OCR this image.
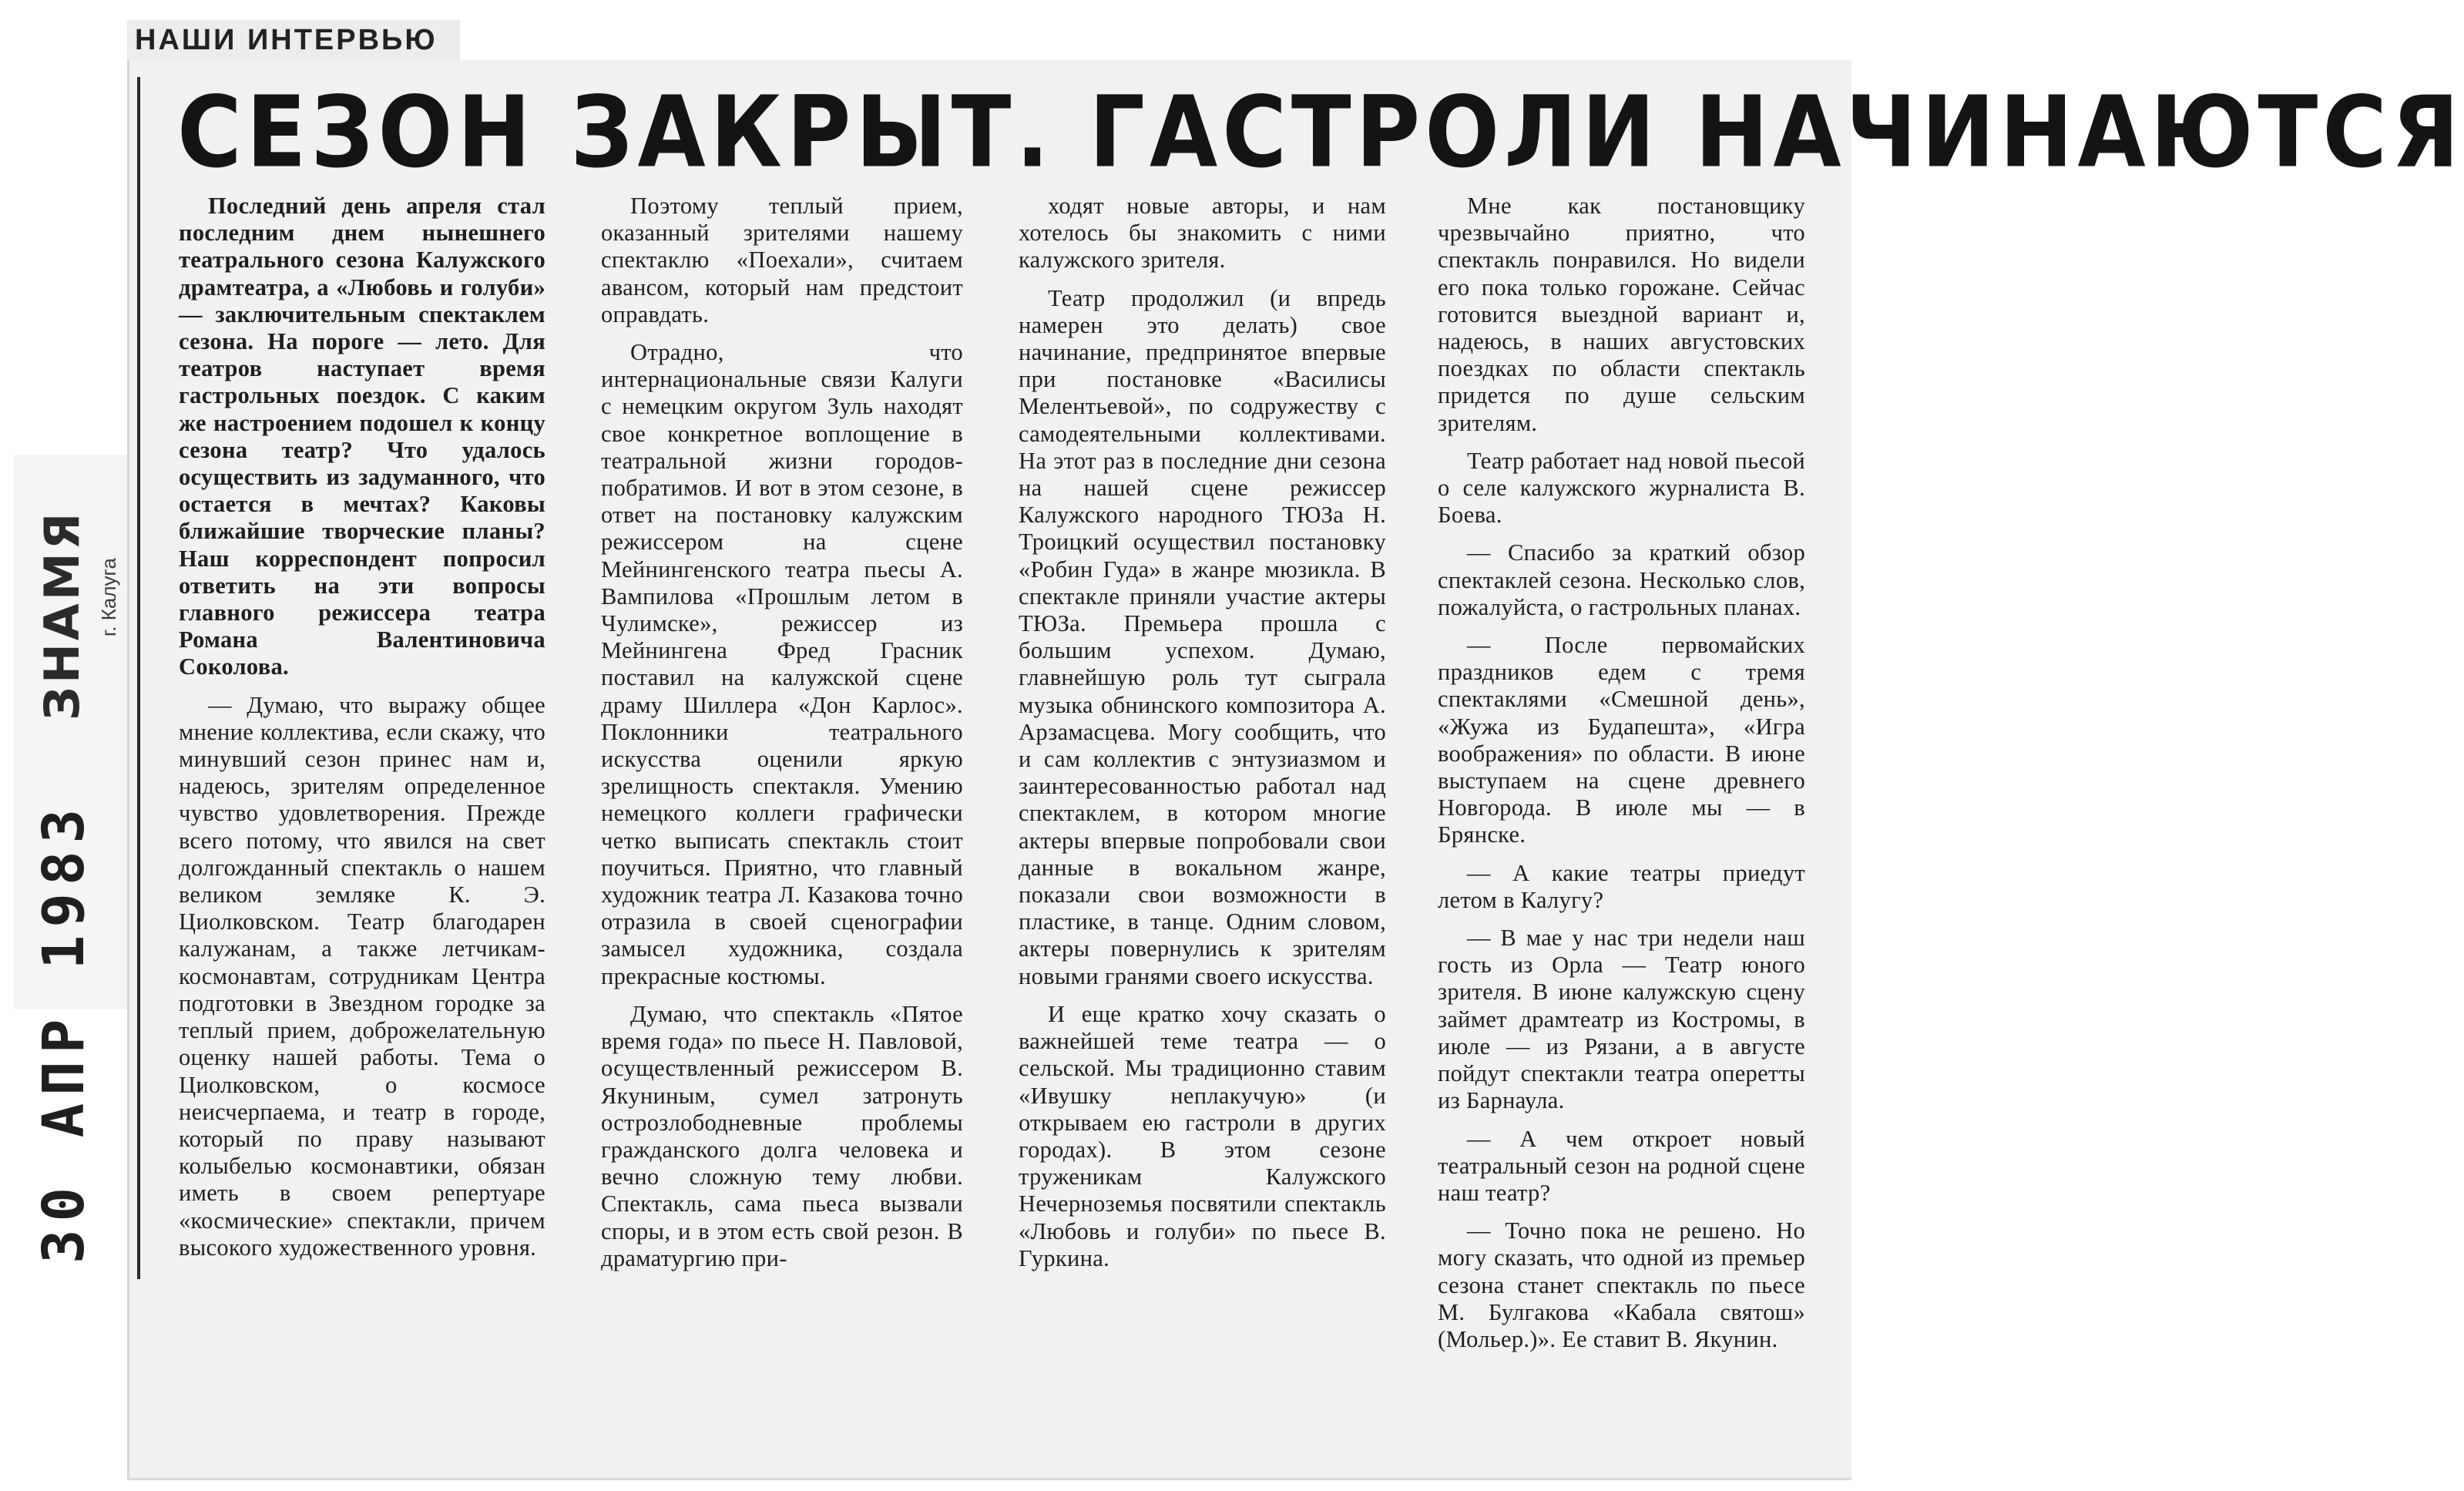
НАШИ ИНТЕРВЬЮ
СЕЗОН ЗАКРЫТ. ГАСТРОЛИ НАЧИНАЮТСЯ

Последний день апреля стал последним днем нынешнего театрального сезона Калужского драмтеатра, а «Любовь и голуби» — заключительным спектаклем сезона. На пороге — лето. Для театров наступает время гастрольных поездок. С каким же настроением подошел к концу сезона театр? Что удалось осуществить из задуманного, что остается в мечтах? Каковы ближайшие творческие планы? Наш корреспондент попросил ответить на эти вопросы главного режиссера театра Романа Валентиновича Соколова.

— Думаю, что выражу общее мнение коллектива, если скажу, что минувший сезон принес нам и, надеюсь, зрителям определенное чувство удовлетворения. Прежде всего потому, что явился на свет долгожданный спектакль о нашем великом земляке К. Э. Циолковском. Театр благодарен калужанам, а также летчикам-космонавтам, сотрудникам Центра подготовки в Звездном городке за теплый прием, доброжелательную оценку нашей работы. Тема о Циолковском, о космосе неисчерпаема, и театр в городе, который по праву называют колыбелью космонавтики, обязан иметь в своем репертуаре «космические» спектакли, причем высокого художественного уровня.

Поэтому теплый прием, оказанный зрителями нашему спектаклю «Поехали», считаем авансом, который нам предстоит оправдать.

Отрадно, что интернациональные связи Калуги с немецким округом Зуль находят свое конкретное воплощение в театральной жизни городов-побратимов. И вот в этом сезоне, в ответ на постановку калужским режиссером на сцене Мейнингенского театра пьесы А. Вампилова «Прошлым летом в Чулимске», режиссер из Мейнингена Фред Грасник поставил на калужской сцене драму Шиллера «Дон Карлос». Поклонники театрального искусства оценили яркую зрелищность спектакля. Умению немецкого коллеги графически четко выписать спектакль стоит поучиться. Приятно, что главный художник театра Л. Казакова точно отразила в своей сценографии замысел художника, создала прекрасные костюмы.

Думаю, что спектакль «Пятое время года» по пьесе Н. Павловой, осуществленный режиссером В. Якуниным, сумел затронуть острозлободневные проблемы гражданского долга человека и вечно сложную тему любви. Спектакль, сама пьеса вызвали споры, и в этом есть свой резон. В драматургию при-

ходят новые авторы, и нам хотелось бы знакомить с ними калужского зрителя.

Театр продолжил (и впредь намерен это делать) свое начинание, предпринятое впервые при постановке «Василисы Мелентьевой», по содружеству с самодеятельными коллективами. На этот раз в последние дни сезона на нашей сцене режиссер Калужского народного ТЮЗа Н. Троицкий осуществил постановку «Робин Гуда» в жанре мюзикла. В спектакле приняли участие актеры ТЮЗа. Премьера прошла с большим успехом. Думаю, главнейшую роль тут сыграла музыка обнинского композитора А. Арзамасцева. Могу сообщить, что и сам коллектив с энтузиазмом и заинтересованностью работал над спектаклем, в котором многие актеры впервые попробовали свои данные в вокальном жанре, показали свои возможности в пластике, в танце. Одним словом, актеры повернулись к зрителям новыми гранями своего искусства.

И еще кратко хочу сказать о важнейшей теме театра — о сельской. Мы традиционно ставим «Ивушку неплакучую» (и открываем ею гастроли в других городах). В этом сезоне труженикам Калужского Нечерноземья посвятили спектакль «Любовь и голуби» по пьесе В. Гуркина.

Мне как постановщику чрезвычайно приятно, что спектакль понравился. Но видели его пока только горожане. Сейчас готовится выездной вариант и, надеюсь, в наших августовских поездках по области спектакль придется по душе сельским зрителям.

Театр работает над новой пьесой о селе калужского журналиста В. Боева.

— Спасибо за краткий обзор спектаклей сезона. Несколько слов, пожалуйста, о гастрольных планах.

— После первомайских праздников едем с тремя спектаклями «Смешной день», «Жужа из Будапешта», «Игра воображения» по области. В июне выступаем на сцене древнего Новгорода. В июле мы — в Брянске.

— А какие театры приедут летом в Калугу?

— В мае у нас три недели наш гость из Орла — Театр юного зрителя. В июне калужскую сцену займет драмтеатр из Костромы, в июле — из Рязани, а в августе пойдут спектакли театра оперетты из Барнаула.

— А чем откроет новый театральный сезон на родной сцене наш театр?

— Точно пока не решено. Но могу сказать, что одной из премьер сезона станет спектакль по пьесе М. Булгакова «Кабала святош» (Мольер.)». Ее ставит В. Якунин.

ЗНАМЯ г. Калуга
30 АПР 1983
